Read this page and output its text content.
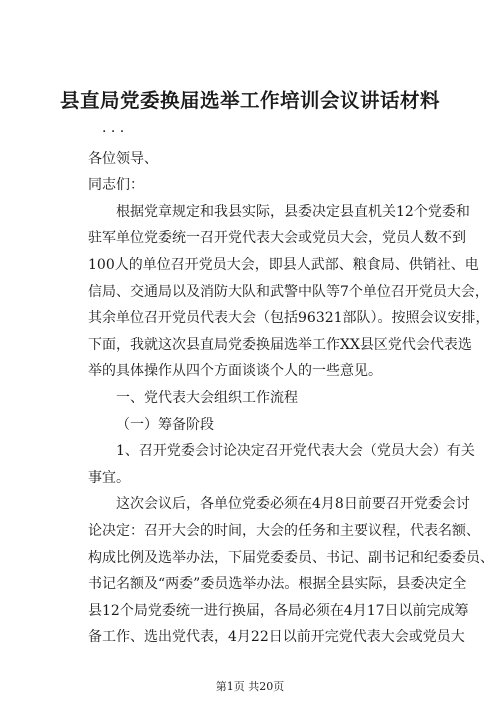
县直局党委换届选举工作培训会议讲话材料
· · ·
各位领导、
同志们：
根据党章规定和我县实际，县委决定县直机关12个党委和
驻军单位党委统一召开党代表大会或党员大会，党员人数不到
100人的单位召开党员大会，即县人武部、粮食局、供销社、电
信局、交通局以及消防大队和武警中队等7个单位召开党员大会，
其余单位召开党员代表大会（包括96321部队）。按照会议安排，
下面，我就这次县直局党委换届选举工作XX县区党代会代表选
举的具体操作从四个方面谈谈个人的一些意见。
一、党代表大会组织工作流程
（一）筹备阶段
1、召开党委会讨论决定召开党代表大会（党员大会）有关
事宜。
这次会议后，各单位党委必须在4月8日前要召开党委会讨
论决定：召开大会的时间，大会的任务和主要议程，代表名额、
构成比例及选举办法，下届党委委员、书记、副书记和纪委委员、
书记名额及“两委”委员选举办法。根据全县实际，县委决定全
县12个局党委统一进行换届，各局必须在4月17日以前完成筹
备工作、选出党代表，4月22日以前开完党代表大会或党员大
第1页 共20页
